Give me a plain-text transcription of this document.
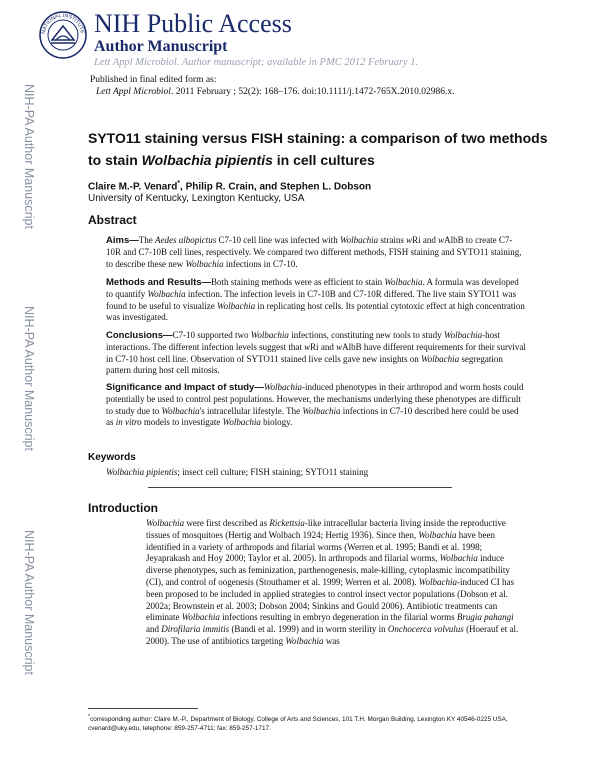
NATIONAL INSTITUTE NIH Public Access
Author Manuscript
Lett Appl Microbiol. Author manuscript; available in PMC 2012 February 1.
NIH-PA Author Manuscript
NIH-PA Author Manuscript
NIH-PA Author Manuscript
Published in final edited form as:
Lett Appl Microbiol. 2011 February ; 52(2): 168–176. doi:10.1111/j.1472-765X.2010.02986.x.
SYTO11 staining versus FISH staining: a comparison of two methods to stain Wolbachia pipientis in cell cultures
Claire M.-P. Venard*, Philip R. Crain, and Stephen L. Dobson
University of Kentucky, Lexington Kentucky, USA
Abstract
Aims—The Aedes albopictus C7-10 cell line was infected with Wolbachia strains wRi and wAlbB to create C7-10R and C7-10B cell lines, respectively. We compared two different methods, FISH staining and SYTO11 staining, to describe these new Wolbachia infections in C7-10.
Methods and Results—Both staining methods were as efficient to stain Wolbachia. A formula was developed to quantify Wolbachia infection. The infection levels in C7-10B and C7-10R differed. The live stain SYTO11 was found to be useful to visualize Wolbachia in replicating host cells. Its potential cytotoxic effect at high concentration was investigated.
Conclusions—C7-10 supported two Wolbachia infections, constituting new tools to study Wolbachia-host interactions. The different infection levels suggest that wRi and wAlbB have different requirements for their survival in C7-10 host cell line. Observation of SYTO11 stained live cells gave new insights on Wolbachia segregation pattern during host cell mitosis.
Significance and Impact of study—Wolbachia-induced phenotypes in their arthropod and worm hosts could potentially be used to control pest populations. However, the mechanisms underlying these phenotypes are difficult to study due to Wolbachia's intracellular lifestyle. The Wolbachia infections in C7-10 described here could be used as in vitro models to investigate Wolbachia biology.
Keywords
Wolbachia pipientis; insect cell culture; FISH staining; SYTO11 staining
Introduction
Wolbachia were first described as Rickettsia-like intracellular bacteria living inside the reproductive tissues of mosquitoes (Hertig and Wolbach 1924; Hertig 1936). Since then, Wolbachia have been identified in a variety of arthropods and filarial worms (Werren et al. 1995; Bandi et al. 1998; Jeyaprakash and Hoy 2000; Taylor et al. 2005). In arthropods and filarial worms, Wolbachia induce diverse phenotypes, such as feminization, parthenogenesis, male-killing, cytoplasmic incompatibility (CI), and control of oogenesis (Stouthamer et al. 1999; Werren et al. 2008). Wolbachia-induced CI has been proposed to be included in applied strategies to control insect vector populations (Dobson et al. 2002a; Brownstein et al. 2003; Dobson 2004; Sinkins and Gould 2006). Antibiotic treatments can eliminate Wolbachia infections resulting in embryo degeneration in the filarial worms Brugia pahangi and Dirofilaria immitis (Bandi et al. 1999) and in worm sterility in Onchocerca volvulus (Hoerauf et al. 2000). The use of antibiotics targeting Wolbachia was
*corresponding author: Claire M.-P., Department of Biology, College of Arts and Sciences, 101 T.H. Morgan Building, Lexington KY 40546-0225 USA, cvenard@uky.edu, telephone: 859-257-4711; fax: 859-257-1717.
